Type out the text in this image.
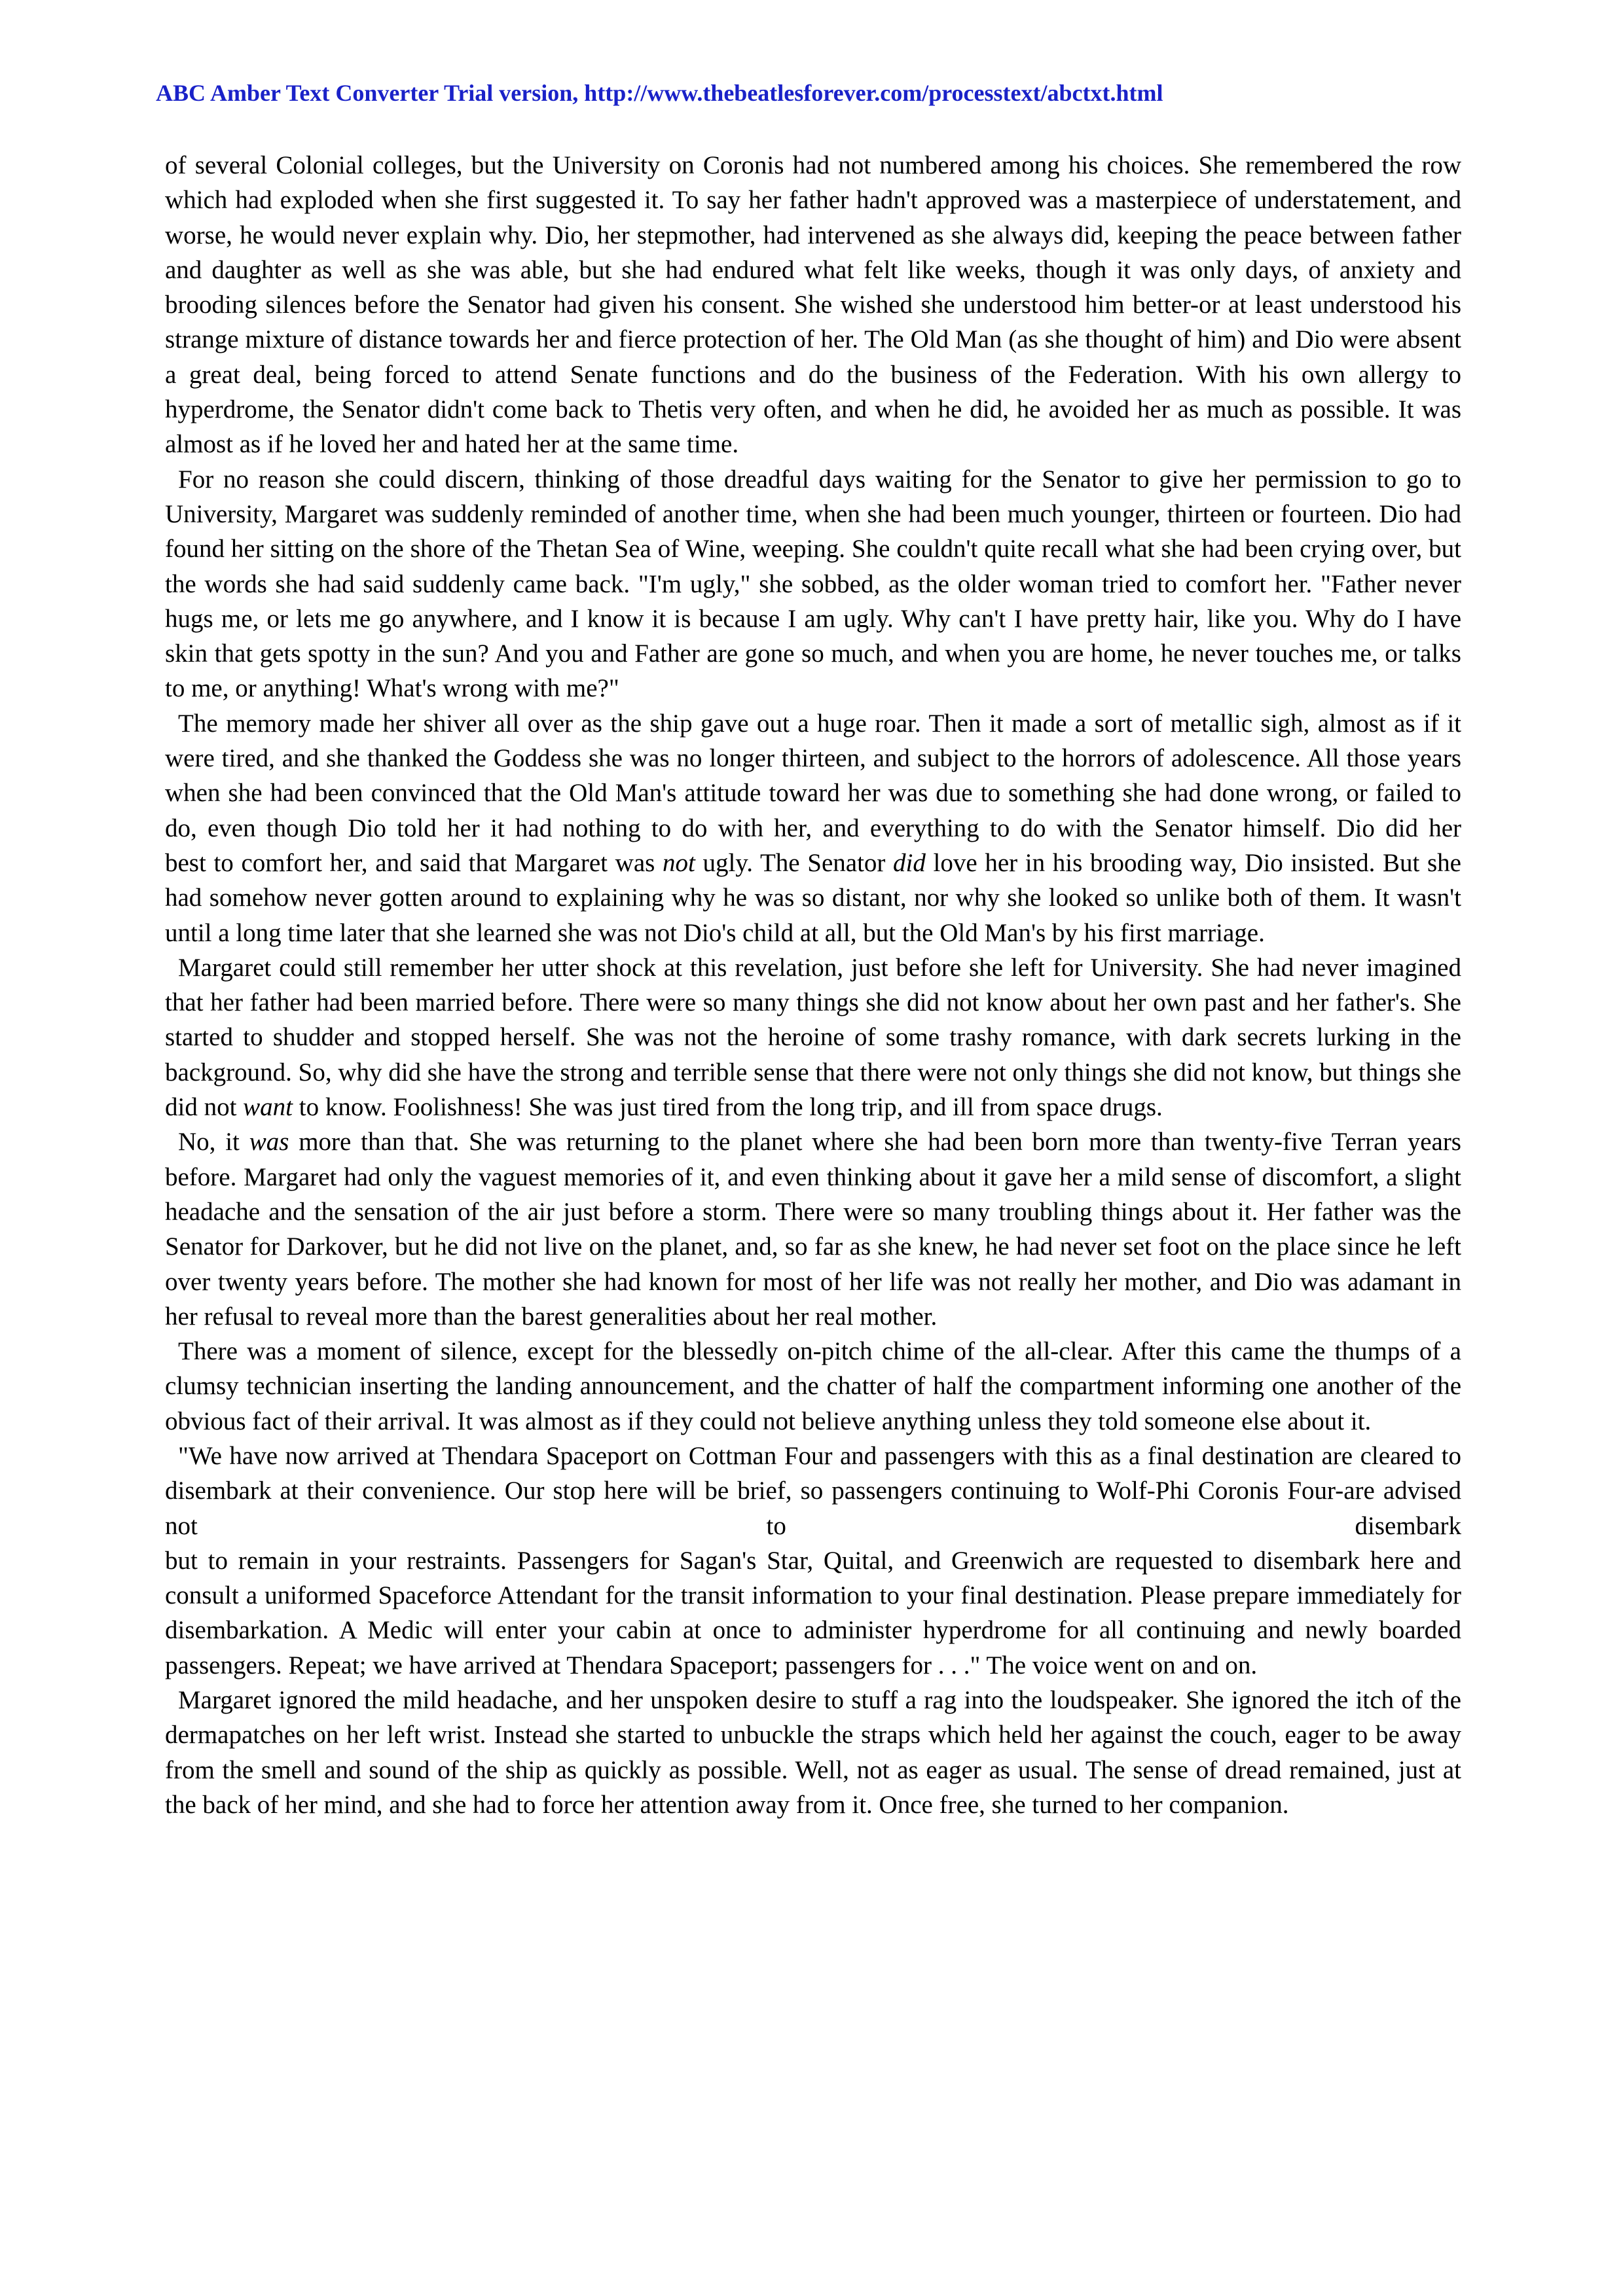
ABC Amber Text Converter Trial version, http://www.thebeatlesforever.com/processtext/abctxt.html

of several Colonial colleges, but the University on Coronis had not numbered among his choices. She remembered the row which had exploded when she first suggested it. To say her father hadn't approved was a masterpiece of understatement, and worse, he would never explain why. Dio, her stepmother, had intervened as she always did, keeping the peace between father and daughter as well as she was able, but she had endured what felt like weeks, though it was only days, of anxiety and brooding silences before the Senator had given his consent. She wished she understood him better-or at least understood his strange mixture of distance towards her and fierce protection of her. The Old Man (as she thought of him) and Dio were absent a great deal, being forced to attend Senate functions and do the business of the Federation. With his own allergy to hyperdrome, the Senator didn't come back to Thetis very often, and when he did, he avoided her as much as possible. It was almost as if he loved her and hated her at the same time.

For no reason she could discern, thinking of those dreadful days waiting for the Senator to give her permission to go to University, Margaret was suddenly reminded of another time, when she had been much younger, thirteen or fourteen. Dio had found her sitting on the shore of the Thetan Sea of Wine, weeping. She couldn't quite recall what she had been crying over, but the words she had said suddenly came back. "I'm ugly," she sobbed, as the older woman tried to comfort her. "Father never hugs me, or lets me go anywhere, and I know it is because I am ugly. Why can't I have pretty hair, like you. Why do I have skin that gets spotty in the sun? And you and Father are gone so much, and when you are home, he never touches me, or talks to me, or anything! What's wrong with me?"

The memory made her shiver all over as the ship gave out a huge roar. Then it made a sort of metallic sigh, almost as if it were tired, and she thanked the Goddess she was no longer thirteen, and subject to the horrors of adolescence. All those years when she had been convinced that the Old Man's attitude toward her was due to something she had done wrong, or failed to do, even though Dio told her it had nothing to do with her, and everything to do with the Senator himself. Dio did her

best to comfort her, and said that Margaret was not ugly. The Senator did love her in his brooding way, Dio insisted. But she had somehow never gotten around to explaining why he was so distant, nor why she looked so unlike both of them. It wasn't until a long time later that she learned she was not Dio's child at all, but the Old Man's by his first marriage.

Margaret could still remember her utter shock at this revelation, just before she left for University. She had never imagined that her father had been married before. There were so many things she did not know about her own past and her father's. She started to shudder and stopped herself. She was not the heroine of some trashy romance, with dark secrets lurking in the background. So, why did she have the strong and terrible sense that there were not only things she did not know, but things she did not want to know. Foolishness! She was just tired from the long trip, and ill from space drugs.

No, it was more than that. She was returning to the planet where she had been born more than twenty-five Terran years before. Margaret had only the vaguest memories of it, and even thinking about it gave her a mild sense of discomfort, a slight headache and the sensation of the air just before a storm. There were so many troubling things about it. Her father was the Senator for Darkover, but he did not live on the planet, and, so far as she knew, he had never set foot on the place since he left over twenty years before. The mother she had known for most of her life was not really her mother, and Dio was adamant in her refusal to reveal more than the barest generalities about her real mother.

There was a moment of silence, except for the blessedly on-pitch chime of the all-clear. After this came the thumps of a clumsy technician inserting the landing announcement, and the chatter of half the compartment informing one another of the obvious fact of their arrival. It was almost as if they could not believe anything unless they told someone else about it.

"We have now arrived at Thendara Spaceport on Cottman Four and passengers with this as a final destination are cleared to disembark at their convenience. Our stop here will be brief, so passengers continuing to Wolf-Phi Coronis Four-are advised not to disembark

but to remain in your restraints. Passengers for Sagan's Star, Quital, and Greenwich are requested to disembark here and consult a uniformed Spaceforce Attendant for the transit information to your final destination. Please prepare immediately for disembarkation. A Medic will enter your cabin at once to administer hyperdrome for all continuing and newly boarded passengers. Repeat; we have arrived at Thendara Spaceport; passengers for . . ." The voice went on and on.

Margaret ignored the mild headache, and her unspoken desire to stuff a rag into the loudspeaker. She ignored the itch of the dermapatches on her left wrist. Instead she started to unbuckle the straps which held her against the couch, eager to be away from the smell and sound of the ship as quickly as possible. Well, not as eager as usual. The sense of dread remained, just at the back of her mind, and she had to force her attention away from it. Once free, she turned to her companion.
